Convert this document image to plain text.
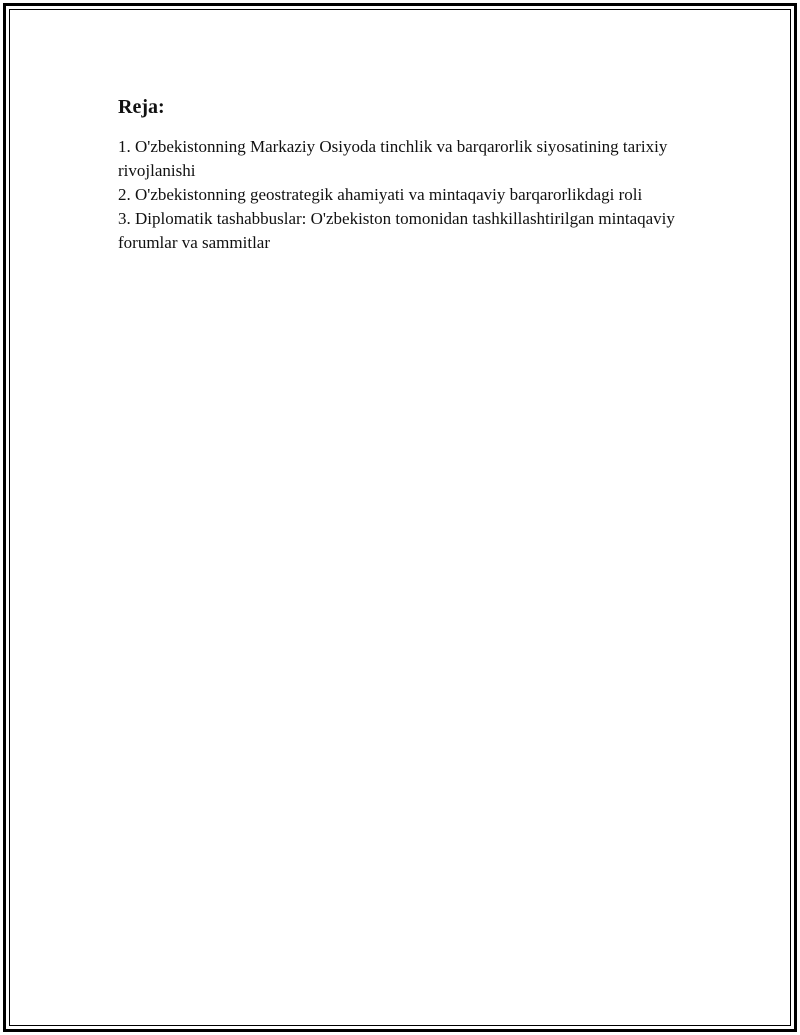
Reja:
1. O'zbekistonning Markaziy Osiyoda tinchlik va barqarorlik siyosatining tarixiy rivojlanishi
2. O'zbekistonning geostrategik ahamiyati va mintaqaviy barqarorlikdagi roli
3. Diplomatik tashabbuslar: O'zbekiston tomonidan tashkillashtirilgan mintaqaviy forumlar va sammitlar
